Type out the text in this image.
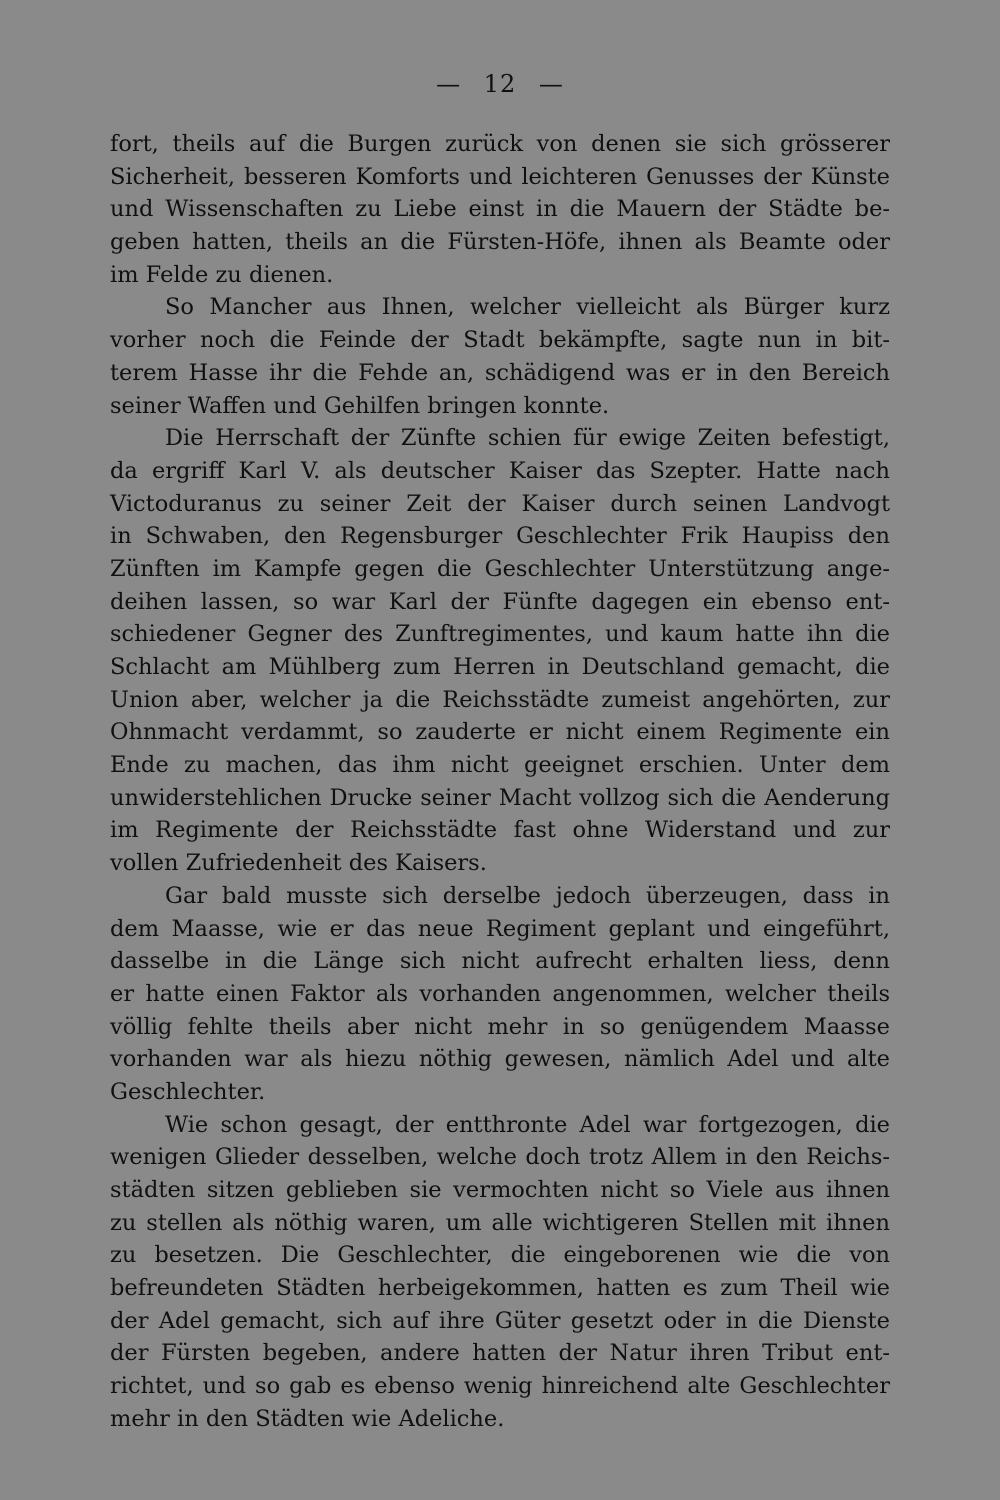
— 12 —
fort, theils auf die Burgen zurück von denen sie sich grösserer
Sicherheit, besseren Komforts und leichteren Genusses der Künste
und Wissenschaften zu Liebe einst in die Mauern der Städte be-
geben hatten, theils an die Fürsten-Höfe, ihnen als Beamte oder
im Felde zu dienen.
So Mancher aus Ihnen, welcher vielleicht als Bürger kurz
vorher noch die Feinde der Stadt bekämpfte, sagte nun in bit-
terem Hasse ihr die Fehde an, schädigend was er in den Bereich
seiner Waffen und Gehilfen bringen konnte.
Die Herrschaft der Zünfte schien für ewige Zeiten befestigt,
da ergriff Karl V. als deutscher Kaiser das Szepter. Hatte nach
Victoduranus zu seiner Zeit der Kaiser durch seinen Landvogt
in Schwaben, den Regensburger Geschlechter Frik Haupiss den
Zünften im Kampfe gegen die Geschlechter Unterstützung ange-
deihen lassen, so war Karl der Fünfte dagegen ein ebenso ent-
schiedener Gegner des Zunftregimentes, und kaum hatte ihn die
Schlacht am Mühlberg zum Herren in Deutschland gemacht, die
Union aber, welcher ja die Reichsstädte zumeist angehörten, zur
Ohnmacht verdammt, so zauderte er nicht einem Regimente ein
Ende zu machen, das ihm nicht geeignet erschien. Unter dem
unwiderstehlichen Drucke seiner Macht vollzog sich die Aenderung
im Regimente der Reichsstädte fast ohne Widerstand und zur
vollen Zufriedenheit des Kaisers.
Gar bald musste sich derselbe jedoch überzeugen, dass in
dem Maasse, wie er das neue Regiment geplant und eingeführt,
dasselbe in die Länge sich nicht aufrecht erhalten liess, denn
er hatte einen Faktor als vorhanden angenommen, welcher theils
völlig fehlte theils aber nicht mehr in so genügendem Maasse
vorhanden war als hiezu nöthig gewesen, nämlich Adel und alte
Geschlechter.
Wie schon gesagt, der entthronte Adel war fortgezogen, die
wenigen Glieder desselben, welche doch trotz Allem in den Reichs-
städten sitzen geblieben sie vermochten nicht so Viele aus ihnen
zu stellen als nöthig waren, um alle wichtigeren Stellen mit ihnen
zu besetzen. Die Geschlechter, die eingeborenen wie die von
befreundeten Städten herbeigekommen, hatten es zum Theil wie
der Adel gemacht, sich auf ihre Güter gesetzt oder in die Dienste
der Fürsten begeben, andere hatten der Natur ihren Tribut ent-
richtet, und so gab es ebenso wenig hinreichend alte Geschlechter
mehr in den Städten wie Adeliche.
